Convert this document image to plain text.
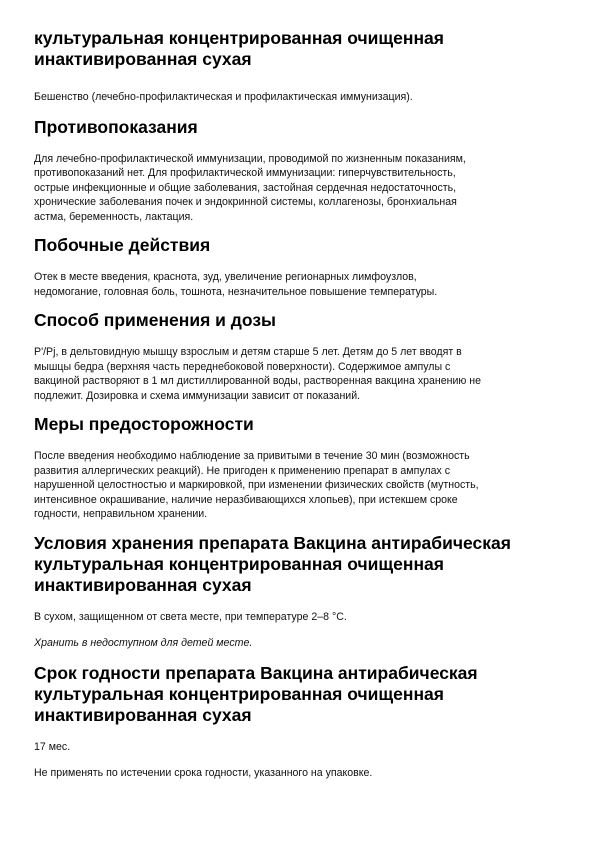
культуральная концентрированная очищенная
инактивированная сухая

Бешенство (лечебно-профилактическая и профилактическая иммунизация).

Противопоказания

Для лечебно-профилактической иммунизации, проводимой по жизненным показаниям,
противопоказаний нет. Для профилактической иммунизации: гиперчувствительность,
острые инфекционные и общие заболевания, застойная сердечная недостаточность,
хронические заболевания почек и эндокринной системы, коллагенозы, бронхиальная
астма, беременность, лактация.

Побочные действия

Отек в месте введения, краснота, зуд, увеличение регионарных лимфоузлов,
недомогание, головная боль, тошнота, незначительное повышение температуры.

Способ применения и дозы

Р'/Рj, в дельтовидную мышцу взрослым и детям старше 5 лет. Детям до 5 лет вводят в
мышцы бедра (верхняя часть переднебоковой поверхности). Содержимое ампулы с
вакциной растворяют в 1 мл дистиллированной воды, растворенная вакцина хранению не
подлежит. Дозировка и схема иммунизации зависит от показаний.

Меры предосторожности

После введения необходимо наблюдение за привитыми в течение 30 мин (возможность
развития аллергических реакций). Не пригоден к применению препарат в ампулах с
нарушенной целостностью и маркировкой, при изменении физических свойств (мутность,
интенсивное окрашивание, наличие неразбивающихся хлопьев), при истекшем сроке
годности, неправильном хранении.

Условия хранения препарата Вакцина антирабическая
культуральная концентрированная очищенная
инактивированная сухая

В сухом, защищенном от света месте, при температуре 2–8 °С.

Хранить в недоступном для детей месте.

Срок годности препарата Вакцина антирабическая
культуральная концентрированная очищенная
инактивированная сухая

17 мес.

Не применять по истечении срока годности, указанного на упаковке.
